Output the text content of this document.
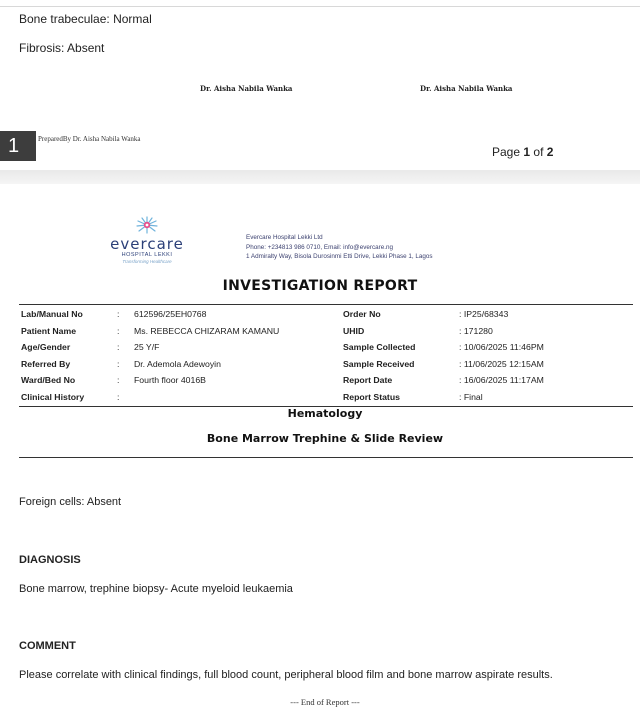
Bone trabeculae: Normal
Fibrosis: Absent
Dr. Aisha Nabila Wanka	Dr. Aisha Nabila Wanka
1	PreparedBy Dr. Aisha Nabila Wanka
Page 1 of 2
evercare
HOSPITAL LEKKI
Transforming Healthcare
Evercare Hospital Lekki Ltd
Phone: +234813 986 0710, Email: info@evercare.ng
1 Admiralty Way, Bisola Durosinmi Etti Drive, Lekki Phase 1, Lagos
INVESTIGATION REPORT
Lab/Manual No
Patient Name
Age/Gender
Referred By
Ward/Bed No
Clinical History
:
:
:
:
:
:
612596/25EH0768
Ms. REBECCA CHIZARAM KAMANU
25 Y/F
Dr. Ademola Adewoyin
Fourth floor 4016B
Order No
UHID
Sample Collected
Sample Received
Report Date
Report Status
: IP25/68343
: 171280
: 10/06/2025 11:46PM
: 11/06/2025 12:15AM
: 16/06/2025 11:17AM
: Final
Hematology
Bone Marrow Trephine & Slide Review
Foreign cells: Absent
DIAGNOSIS
Bone marrow, trephine biopsy- Acute myeloid leukaemia
COMMENT
Please correlate with clinical findings, full blood count, peripheral blood film and bone marrow aspirate results.
--- End of Report ---
